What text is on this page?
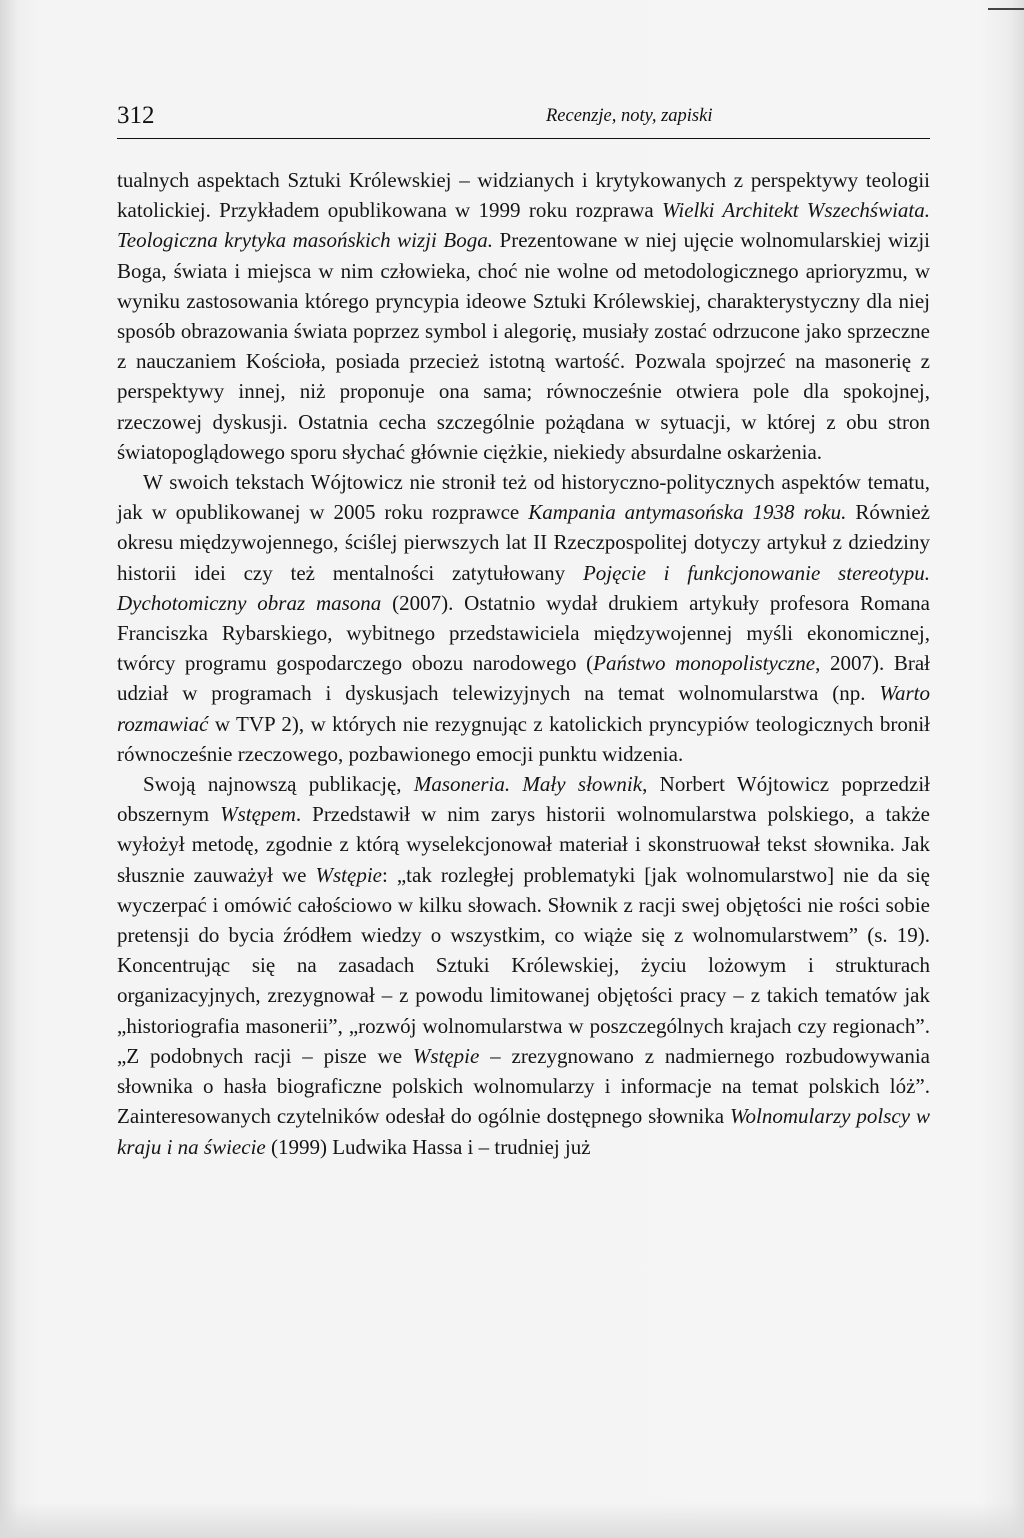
312	Recenzje, noty, zapiski

tualnych aspektach Sztuki Królewskiej – widzianych i krytykowanych z perspektywy teologii katolickiej. Przykładem opublikowana w 1999 roku rozprawa Wielki Architekt Wszechświata. Teologiczna krytyka masońskich wizji Boga. Prezentowane w niej ujęcie wolnomularskiej wizji Boga, świata i miejsca w nim człowieka, choć nie wolne od metodologicznego aprioryzmu, w wyniku zastosowania którego pryncypia ideowe Sztuki Królewskiej, charakterystyczny dla niej sposób obrazowania świata poprzez symbol i alegorię, musiały zostać odrzucone jako sprzeczne z nauczaniem Kościoła, posiada przecież istotną wartość. Pozwala spojrzeć na masonerię z perspektywy innej, niż proponuje ona sama; równocześnie otwiera pole dla spokojnej, rzeczowej dyskusji. Ostatnia cecha szczególnie pożądana w sytuacji, w której z obu stron światopoglądowego sporu słychać głównie ciężkie, niekiedy absurdalne oskarżenia.

W swoich tekstach Wójtowicz nie stronił też od historyczno-politycznych aspektów tematu, jak w opublikowanej w 2005 roku rozprawce Kampania antymasońska 1938 roku. Również okresu międzywojennego, ściślej pierwszych lat II Rzeczpospolitej dotyczy artykuł z dziedziny historii idei czy też mentalności zatytułowany Pojęcie i funkcjonowanie stereotypu. Dychotomiczny obraz masona (2007). Ostatnio wydał drukiem artykuły profesora Romana Franciszka Rybarskiego, wybitnego przedstawiciela międzywojennej myśli ekonomicznej, twórcy programu gospodarczego obozu narodowego (Państwo monopolistyczne, 2007). Brał udział w programach i dyskusjach telewizyjnych na temat wolnomularstwa (np. Warto rozmawiać w TVP 2), w których nie rezygnując z katolickich pryncypiów teologicznych bronił równocześnie rzeczowego, pozbawionego emocji punktu widzenia.

Swoją najnowszą publikację, Masoneria. Mały słownik, Norbert Wójtowicz poprzedził obszernym Wstępem. Przedstawił w nim zarys historii wolnomularstwa polskiego, a także wyłożył metodę, zgodnie z którą wyselekcjonował materiał i skonstruował tekst słownika. Jak słusznie zauważył we Wstępie: „tak rozległej problematyki [jak wolnomularstwo] nie da się wyczerpać i omówić całościowo w kilku słowach. Słownik z racji swej objętości nie rości sobie pretensji do bycia źródłem wiedzy o wszystkim, co wiąże się z wolnomularstwem” (s. 19). Koncentrując się na zasadach Sztuki Królewskiej, życiu lożowym i strukturach organizacyjnych, zrezygnował – z powodu limitowanej objętości pracy – z takich tematów jak „historiografia masonerii”, „rozwój wolnomularstwa w poszczególnych krajach czy regionach”. „Z podobnych racji – pisze we Wstępie – zrezygnowano z nadmiernego rozbudowywania słownika o hasła biograficzne polskich wolnomularzy i informacje na temat polskich lóż”. Zainteresowanych czytelników odesłał do ogólnie dostępnego słownika Wolnomularzy polscy w kraju i na świecie (1999) Ludwika Hassa i – trudniej już
